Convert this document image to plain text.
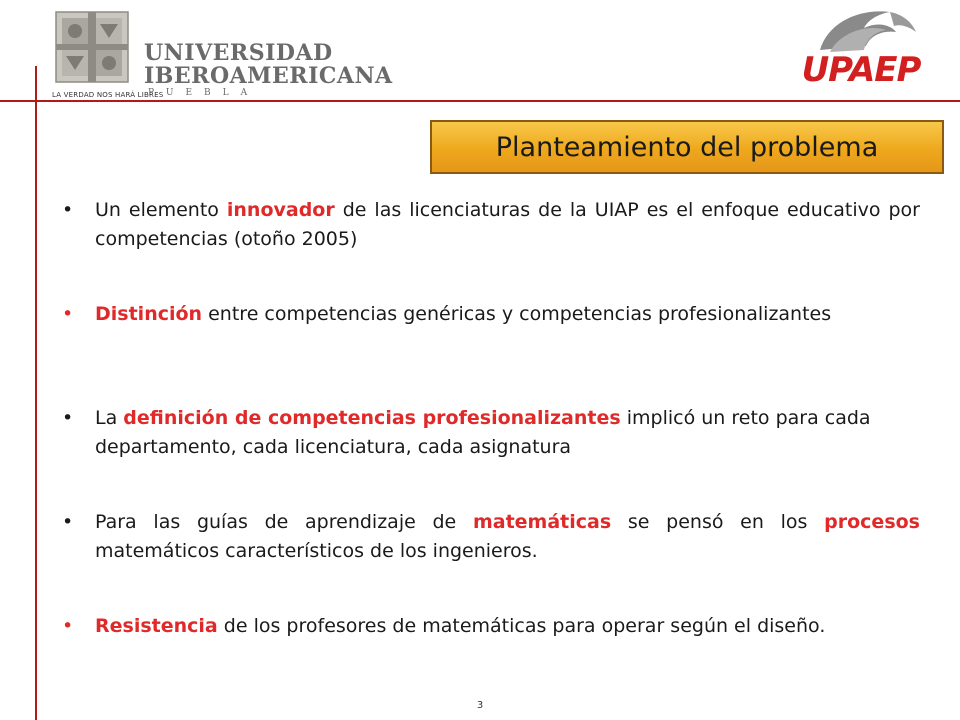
LA VERDAD NOS HARÁ LIBRES
UNIVERSIDAD
IBEROAMERICANA
PUEBLA
UPAEP
Planteamiento del problema
• Un elemento innovador de las licenciaturas de la UIAP es el enfoque educativo por competencias (otoño 2005)
• Distinción entre competencias genéricas y competencias profesionalizantes
• La definición de competencias profesionalizantes implicó un reto para cada departamento, cada licenciatura, cada asignatura
• Para las guías de aprendizaje de matemáticas se pensó en los procesos matemáticos característicos de los ingenieros.
• Resistencia de los profesores de matemáticas para operar según el diseño.
3
